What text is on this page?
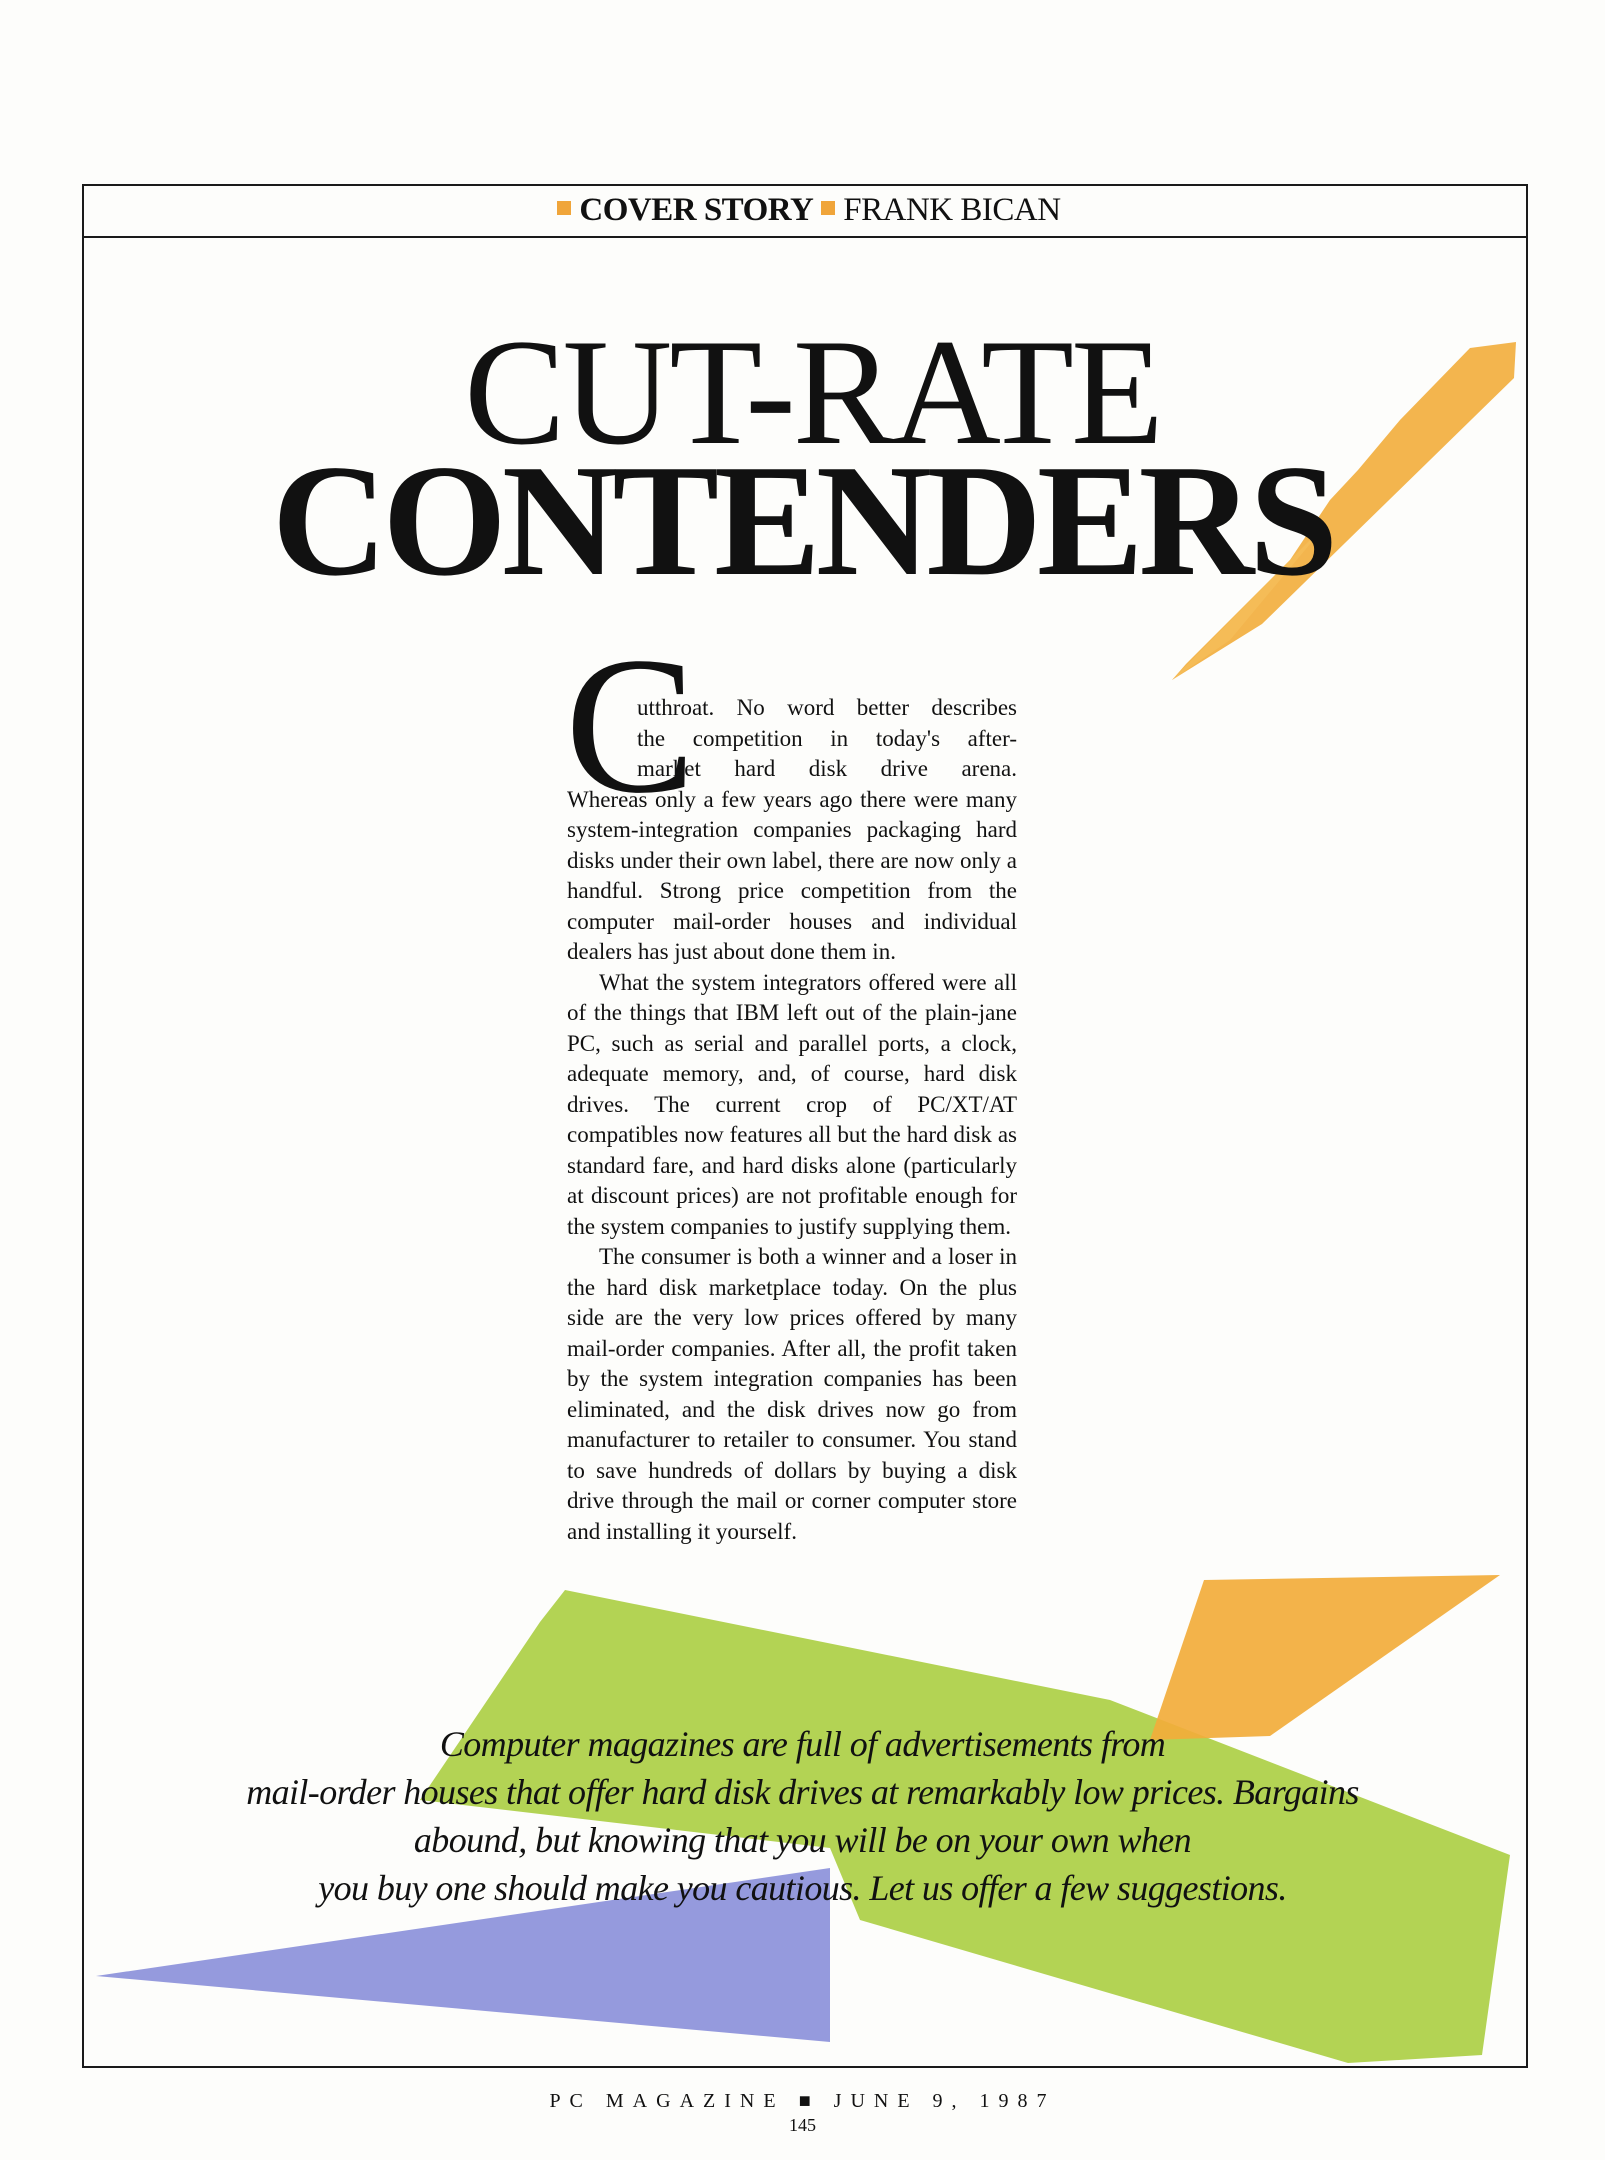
COVER STORY FRANK BICAN
CUT-RATE
CONTENDERS
C

utthroat. No word better describes

the competition in today's after-

market hard disk drive arena.

Whereas only a few years ago there were many system-integration companies packaging hard disks under their own label, there are now only a handful. Strong price competition from the computer mail-order houses and individual dealers has just about done them in.

What the system integrators offered were all of the things that IBM left out of the plain-jane PC, such as serial and parallel ports, a clock, adequate memory, and, of course, hard disk drives. The current crop of PC/XT/AT compatibles now features all but the hard disk as standard fare, and hard disks alone (particularly at discount prices) are not profitable enough for the system companies to justify supplying them.

The consumer is both a winner and a loser in the hard disk marketplace today. On the plus side are the very low prices offered by many mail-order companies. After all, the profit taken by the system integration companies has been eliminated, and the disk drives now go from manufacturer to retailer to consumer. You stand to save hundreds of dollars by buying a disk drive through the mail or corner computer store and installing it yourself.

Computer magazines are full of advertisements from
mail-order houses that offer hard disk drives at remarkably low prices. Bargains
abound, but knowing that you will be on your own when
you buy one should make you cautious. Let us offer a few suggestions.
PC MAGAZINE ■ JUNE 9, 1987
145
